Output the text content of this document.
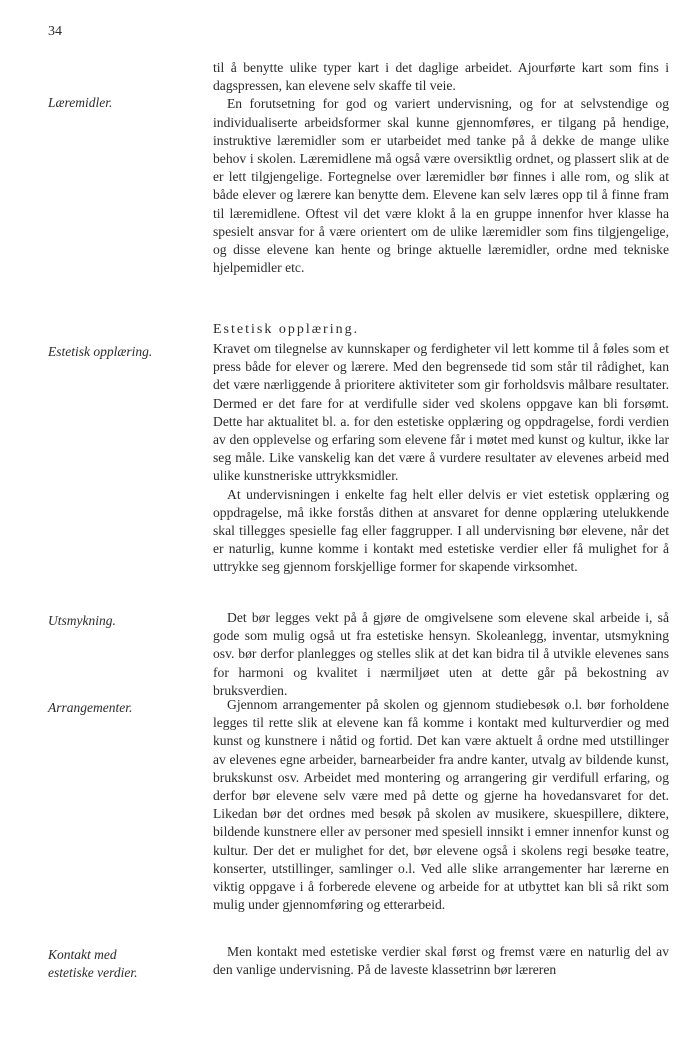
34
Læremidler.
Estetisk opplæring.
Utsmykning.
Arrangementer.
Kontakt med estetiske verdier.

til å benytte ulike typer kart i det daglige arbeidet. Ajourførte kart som fins i dagspressen, kan elevene selv skaffe til veie.

En forutsetning for god og variert undervisning, og for at selvstendige og individualiserte arbeidsformer skal kunne gjennomføres, er tilgang på hendige, instruktive læremidler som er utarbeidet med tanke på å dekke de mange ulike behov i skolen. Læremidlene må også være oversiktlig ordnet, og plassert slik at de er lett tilgjengelige. Fortegnelse over læremidler bør finnes i alle rom, og slik at både elever og lærere kan benytte dem. Elevene kan selv læres opp til å finne fram til læremidlene. Oftest vil det være klokt å la en gruppe innenfor hver klasse ha spesielt ansvar for å være orientert om de ulike læremidler som fins tilgjengelige, og disse elevene kan hente og bringe aktuelle læremidler, ordne med tekniske hjelpemidler etc.

Estetisk opplæring.

Kravet om tilegnelse av kunnskaper og ferdigheter vil lett komme til å føles som et press både for elever og lærere. Med den begrensede tid som står til rådighet, kan det være nærliggende å prioritere aktiviteter som gir forholdsvis målbare resultater. Dermed er det fare for at verdifulle sider ved skolens oppgave kan bli forsømt. Dette har aktualitet bl. a. for den estetiske opplæring og oppdragelse, fordi verdien av den opplevelse og erfaring som elevene får i møtet med kunst og kultur, ikke lar seg måle. Like vanskelig kan det være å vurdere resultater av elevenes arbeid med ulike kunstneriske uttrykksmidler.

At undervisningen i enkelte fag helt eller delvis er viet estetisk opplæring og oppdragelse, må ikke forstås dithen at ansvaret for denne opplæring utelukkende skal tillegges spesielle fag eller faggrupper. I all undervisning bør elevene, når det er naturlig, kunne komme i kontakt med estetiske verdier eller få mulighet for å uttrykke seg gjennom forskjellige former for skapende virksomhet.

Det bør legges vekt på å gjøre de omgivelsene som elevene skal arbeide i, så gode som mulig også ut fra estetiske hensyn. Skoleanlegg, inventar, utsmykning osv. bør derfor planlegges og stelles slik at det kan bidra til å utvikle elevenes sans for harmoni og kvalitet i nærmiljøet uten at dette går på bekostning av bruksverdien.

Gjennom arrangementer på skolen og gjennom studiebesøk o.l. bør forholdene legges til rette slik at elevene kan få komme i kontakt med kulturverdier og med kunst og kunstnere i nåtid og fortid. Det kan være aktuelt å ordne med utstillinger av elevenes egne arbeider, barnearbeider fra andre kanter, utvalg av bildende kunst, brukskunst osv. Arbeidet med montering og arrangering gir verdifull erfaring, og derfor bør elevene selv være med på dette og gjerne ha hovedansvaret for det. Likedan bør det ordnes med besøk på skolen av musikere, skuespillere, diktere, bildende kunstnere eller av personer med spesiell innsikt i emner innenfor kunst og kultur. Der det er mulighet for det, bør elevene også i skolens regi besøke teatre, konserter, utstillinger, samlinger o.l. Ved alle slike arrangementer har lærerne en viktig oppgave i å forberede elevene og arbeide for at utbyttet kan bli så rikt som mulig under gjennomføring og etterarbeid.

Men kontakt med estetiske verdier skal først og fremst være en naturlig del av den vanlige undervisning. På de laveste klassetrinn bør læreren
